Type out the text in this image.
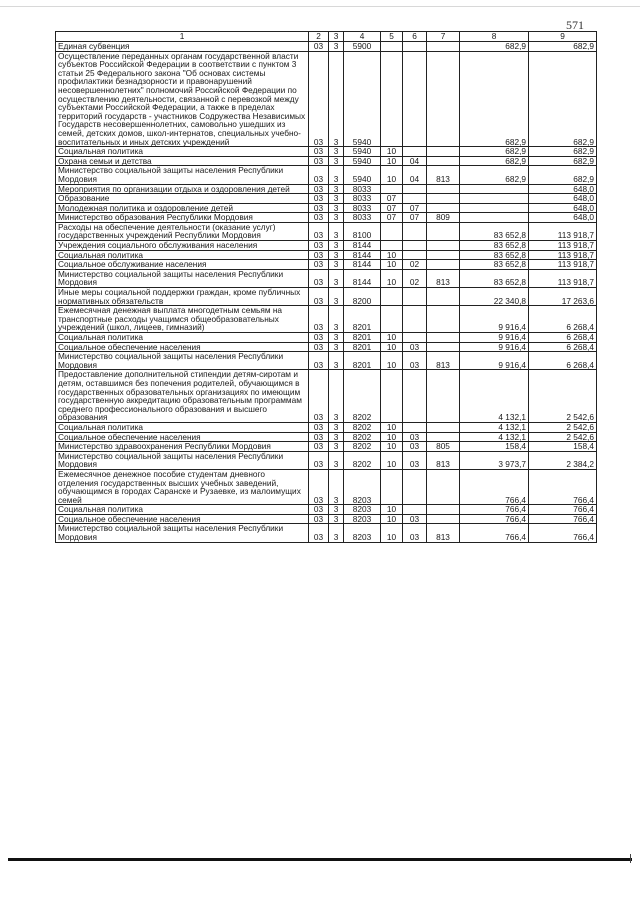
571
1	2	3	4	5	6	7	8	9
Единая субвенция	03	3	5900				682,9	682,9
Осуществление переданных органам государственной власти субъектов Российской Федерации в соответствии с пунктом 3 статьи 25 Федерального закона "Об основах системы профилактики безнадзорности и правонарушений несовершеннолетних" полномочий Российской Федерации по осуществлению деятельности, связанной с перевозкой между субъектами Российской Федерации, а также в пределах территорий государств - участников Содружества Независимых Государств несовершеннолетних, самовольно ушедших из семей, детских домов, школ-интернатов, специальных учебно-воспитательных и иных детских учреждений	03	3	5940				682,9	682,9
Социальная политика	03	3	5940	10			682,9	682,9
Охрана семьи и детства	03	3	5940	10	04		682,9	682,9
Министерство социальной защиты населения Республики Мордовия	03	3	5940	10	04	813	682,9	682,9
Мероприятия по организации отдыха и оздоровления детей	03	3	8033					648,0
Образование	03	3	8033	07				648,0
Молодежная политика и оздоровление детей	03	3	8033	07	07			648,0
Министерство образования Республики Мордовия	03	3	8033	07	07	809		648,0
Расходы на обеспечение деятельности (оказание услуг) государственных учреждений Республики Мордовия	03	3	8100				83 652,8	113 918,7
Учреждения социального обслуживания населения	03	3	8144				83 652,8	113 918,7
Социальная политика	03	3	8144	10			83 652,8	113 918,7
Социальное обслуживание населения	03	3	8144	10	02		83 652,8	113 918,7
Министерство социальной защиты населения Республики Мордовия	03	3	8144	10	02	813	83 652,8	113 918,7
Иные меры социальной поддержки граждан, кроме публичных нормативных обязательств	03	3	8200				22 340,8	17 263,6
Ежемесячная денежная выплата многодетным семьям на транспортные расходы учащимся общеобразовательных учреждений (школ, лицеев, гимназий)	03	3	8201				9 916,4	6 268,4
Социальная политика	03	3	8201	10			9 916,4	6 268,4
Социальное обеспечение населения	03	3	8201	10	03		9 916,4	6 268,4
Министерство социальной защиты населения Республики Мордовия	03	3	8201	10	03	813	9 916,4	6 268,4
Предоставление дополнительной стипендии детям-сиротам и детям, оставшимся без попечения родителей, обучающимся в государственных образовательных организациях по имеющим государственную аккредитацию образовательным программам среднего профессионального образования и высшего образования	03	3	8202				4 132,1	2 542,6
Социальная политика	03	3	8202	10			4 132,1	2 542,6
Социальное обеспечение населения	03	3	8202	10	03		4 132,1	2 542,6
Министерство здравоохранения Республики Мордовия	03	3	8202	10	03	805	158,4	158,4
Министерство социальной защиты населения Республики Мордовия	03	3	8202	10	03	813	3 973,7	2 384,2
Ежемесячное денежное пособие студентам дневного отделения государственных высших учебных заведений, обучающимся в городах Саранске и Рузаевке, из малоимущих семей	03	3	8203				766,4	766,4
Социальная политика	03	3	8203	10			766,4	766,4
Социальное обеспечение населения	03	3	8203	10	03		766,4	766,4
Министерство социальной защиты населения Республики Мордовия	03	3	8203	10	03	813	766,4	766,4
